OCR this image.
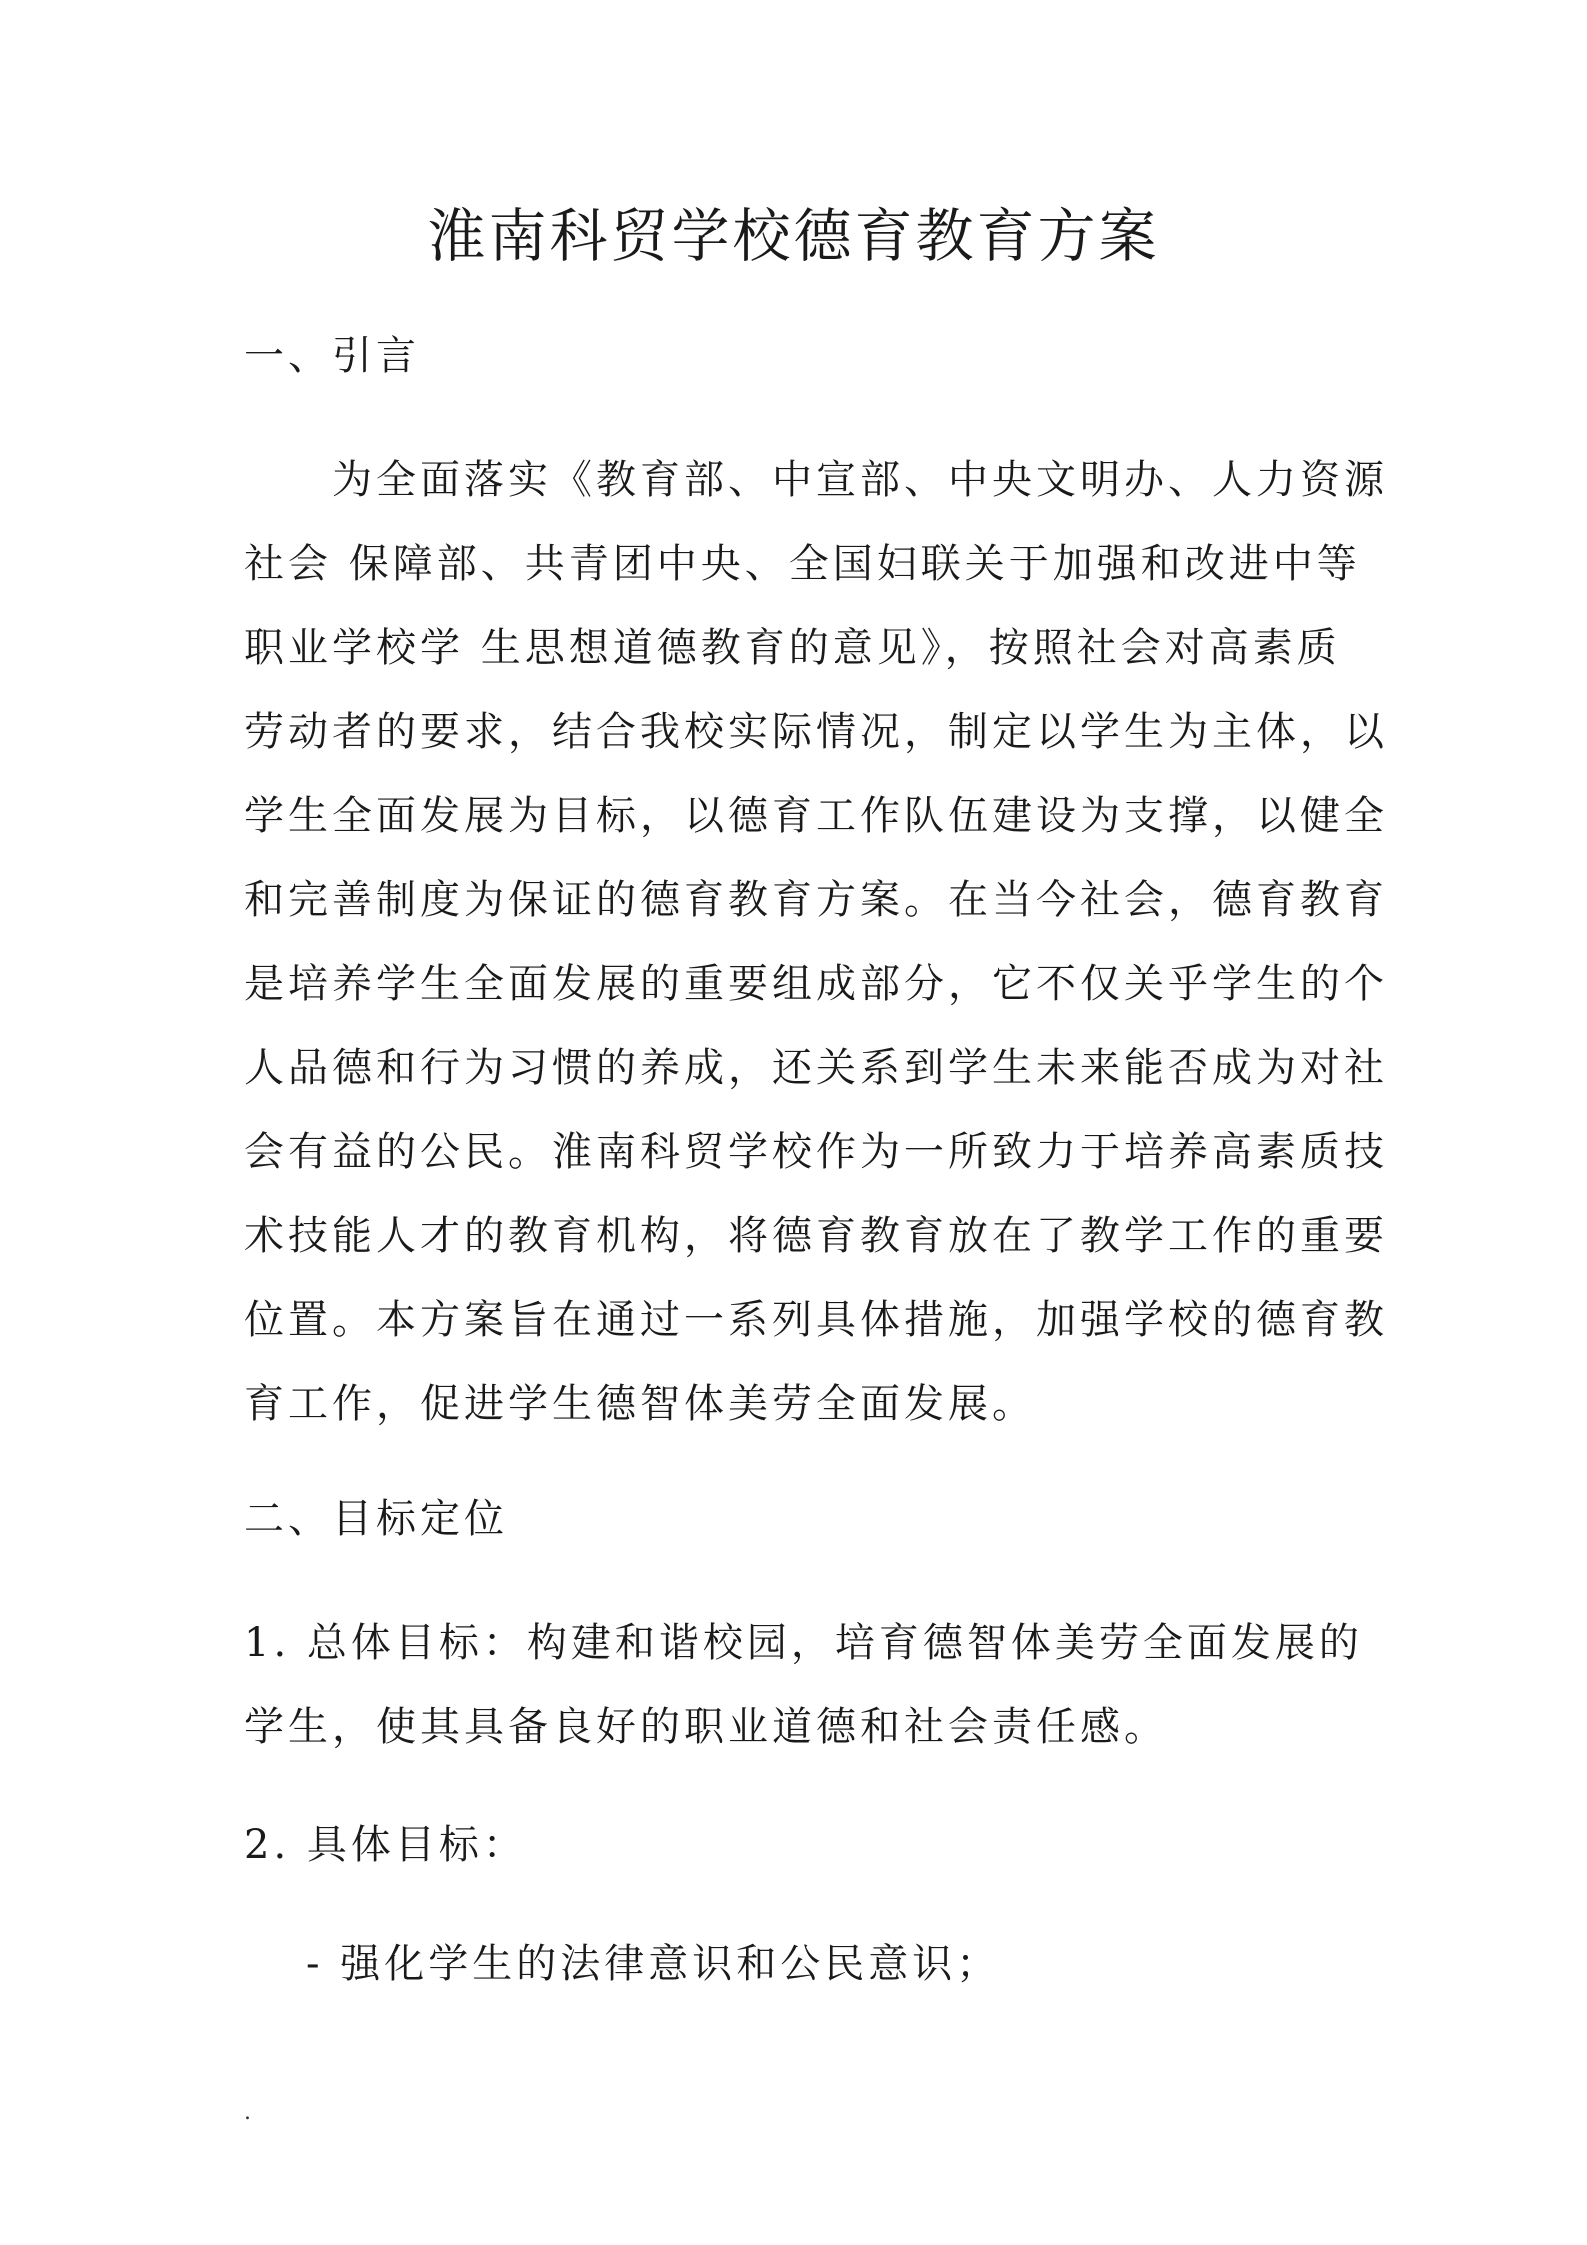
淮南科贸学校德育教育方案
一、引言
为全面落实《教育部、中宣部、中央文明办、人力资源
社会 保障部、共青团中央、全国妇联关于加强和改进中等
职业学校学 生思想道德教育的意见》，按照社会对高素质
劳动者的要求，结合我校实际情况，制定以学生为主体，以
学生全面发展为目标，以德育工作队伍建设为支撑，以健全
和完善制度为保证的德育教育方案。在当今社会，德育教育
是培养学生全面发展的重要组成部分，它不仅关乎学生的个
人品德和行为习惯的养成，还关系到学生未来能否成为对社
会有益的公民。淮南科贸学校作为一所致力于培养高素质技
术技能人才的教育机构，将德育教育放在了教学工作的重要
位置。本方案旨在通过一系列具体措施，加强学校的德育教
育工作，促进学生德智体美劳全面发展。
二、目标定位
1. 总体目标：构建和谐校园，培育德智体美劳全面发展的
学生，使其具备良好的职业道德和社会责任感。
2. 具体目标：
- 强化学生的法律意识和公民意识；
.
